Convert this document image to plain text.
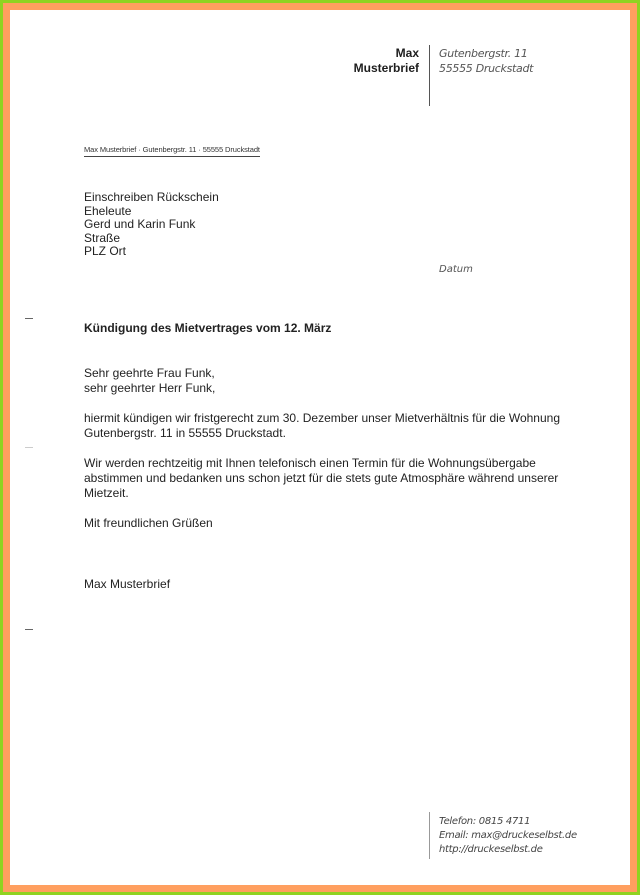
Max
Musterbrief
Gutenbergstr. 11
55555 Druckstadt
Max Musterbrief · Gutenbergstr. 11 · 55555 Druckstadt
Einschreiben Rückschein
Eheleute
Gerd und Karin Funk
Straße
PLZ Ort
Datum
Kündigung des Mietvertrages vom 12. März
Sehr geehrte Frau Funk,
sehr geehrter Herr Funk,
hiermit kündigen wir fristgerecht zum 30. Dezember unser Mietverhältnis für die Wohnung
Gutenbergstr. 11 in 55555 Druckstadt.
Wir werden rechtzeitig mit Ihnen telefonisch einen Termin für die Wohnungsübergabe
abstimmen und bedanken uns schon jetzt für die stets gute Atmosphäre während unserer
Mietzeit.
Mit freundlichen Grüßen
Max Musterbrief
Telefon: 0815 4711
Email: max@druckeselbst.de
http://druckeselbst.de
